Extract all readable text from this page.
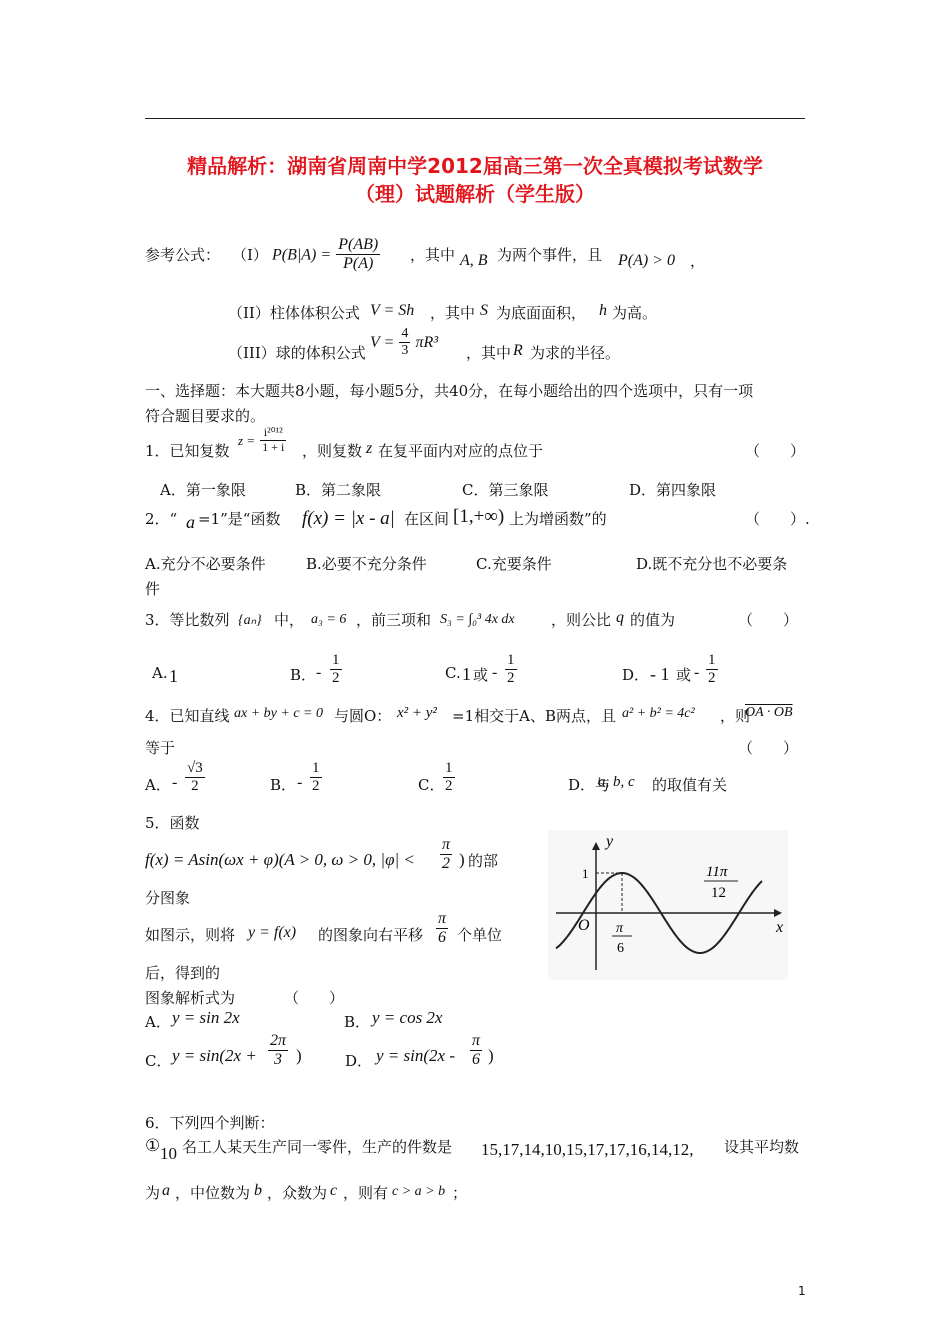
精品解析：湖南省周南中学2012届高三第一次全真模拟考试数学
（理）试题解析（学生版）
参考公式： （I） $P(B|A) = \frac{P(AB)}{P(A)}$ ，其中 A, B 为两个事件，且 P(A) > 0 ，
（II）柱体体积公式 V = Sh ，其中 S 为底面面积， h 为高。
（III）球的体积公式
$V = \frac{4}{3} \pi R^3$
，其中 R 为求的半径。
一、选择题：本大题共8小题，每小题5分，共40分，在每小题给出的四个选项中，只有一项
符合题目要求的。
1．已知复数
$z = \frac{\text{i²⁰¹²}}{1 + i}$ ，则复数 z 在复平面内对应的点位于	（　　）
A．第一象限	B．第二象限	C．第三象限	D．第四象限
2．“ a =1”是“函数 f(x) = |x - a| 在区间 [1,+∞) 上为增函数”的	（　　）.
A.充分不必要条件	B.必要不充分条件	C.充要条件	D.既不充分也不必要条
件
3．等比数列 {aₙ} 中， a₃ = 6 ，前三项和 S₃ = ∫₀³ 4x dx ，则公比 q 的值为	（　　）
A. 1	B． - $\frac{1}{2}$	C. 1 或 - $\frac{1}{2}$	D． - 1 或 - $\frac{1}{2}$
4．已知直线 ax + by + c = 0 与圆O： x² + y² =1相交于A、B两点，且 a² + b² = 4c² ，则
OA · OB
等于	（　　）
A． - $\frac{√3}{2}$	B． - $\frac{1}{2}$	C．
$\frac{1}{2}$	D．与
a, b, c 的取值有关
5．函数
f(x) = Asin(ωx + φ)(A > 0, ω > 0, $|\varphi| < \frac{\pi}{2}$ ) 的部
分图象
如图示，则将 y = f(x) 的图象向右平移 $\frac{\pi}{6}$ 个单位
后，得到的
图象解析式为	（　　）
A． y = sin 2x	B． y = cos 2x
C． $y = \sin(2x + \frac{2\pi}{3}$ )	D． $y = \sin(2x - \frac{\pi}{6}$ )
y
x
O
1
π
6
11π
12
6．下列四个判断：
① 10 名工人某天生产同一零件，生产的件数是 15,17,14,10,15,17,17,16,14,12, 设其平均数
为 a ，中位数为 b ，众数为 c ，则有 c > a > b ；
1
